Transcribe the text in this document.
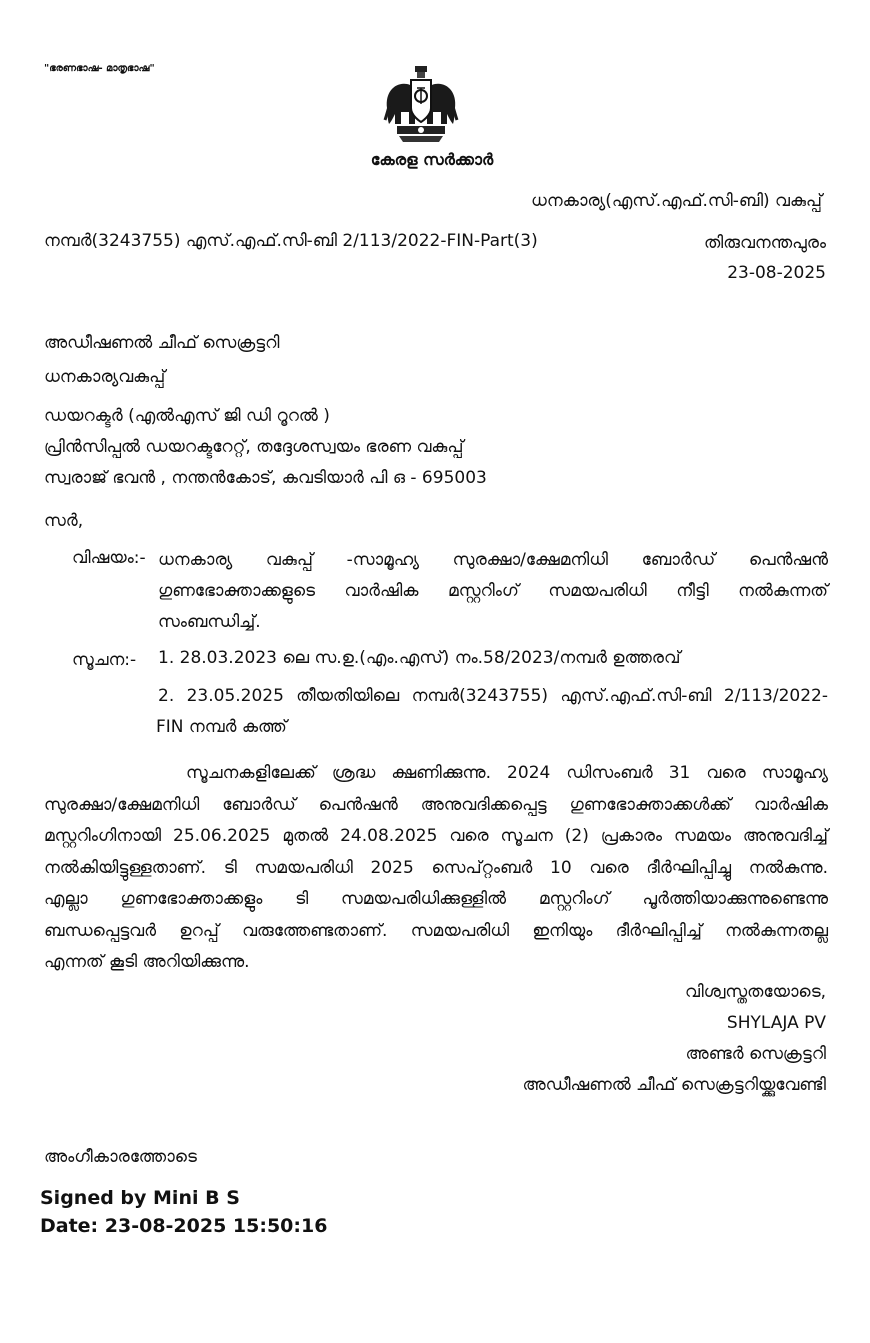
"ഭരണഭാഷ- മാതൃഭാഷ"
കേരള സർക്കാർ
ധനകാര്യ(എസ്.എഫ്.സി-ബി) വകുപ്പ്
നമ്പർ(3243755) എസ്.എഫ്.സി-ബി 2/113/2022-FIN-Part(3)	തിരുവനന്തപുരം
23-08-2025
അഡീഷണൽ ചീഫ് സെക്രട്ടറി
ധനകാര്യവകുപ്പ്
ഡയറക്ടർ (എൽഎസ് ജി ഡി റൂറൽ )
പ്രിൻസിപ്പൽ ഡയറക്ടറേറ്റ്, തദ്ദേശസ്വയം ഭരണ വകുപ്പ്
സ്വരാജ് ഭവൻ , നന്തൻകോട്, കവടിയാർ പി ഒ - 695003
സർ,
വിഷയം:- ധനകാര്യ വകുപ്പ് -സാമൂഹ്യ സുരക്ഷാ/ക്ഷേമനിധി ബോർഡ് പെൻഷൻ
ഗുണഭോക്താക്കളുടെ വാർഷിക മസ്റ്ററിംഗ് സമയപരിധി നീട്ടി നൽകുന്നത്
സംബന്ധിച്ച്.
സൂചന:- 1. 28.03.2023 ലെ സ.ഉ.(എം.എസ്) നം.58/2023/നമ്പർ ഉത്തരവ്
2. 23.05.2025 തീയതിയിലെ നമ്പർ(3243755) എസ്.എഫ്.സി-ബി 2/113/2022-
FIN നമ്പർ കത്ത്
സൂചനകളിലേക്ക് ശ്രദ്ധ ക്ഷണിക്കുന്നു. 2024 ഡിസംബർ 31 വരെ സാമൂഹ്യ
സുരക്ഷാ/ക്ഷേമനിധി ബോർഡ് പെൻഷൻ അനുവദിക്കപ്പെട്ട ഗുണഭോക്താക്കൾക്ക് വാർഷിക
മസ്റ്ററിംഗിനായി 25.06.2025 മുതൽ 24.08.2025 വരെ സൂചന (2) പ്രകാരം സമയം അനുവദിച്ച്
നൽകിയിട്ടുള്ളതാണ്. ടി സമയപരിധി 2025 സെപ്റ്റംബർ 10 വരെ ദീർഘിപ്പിച്ചു നൽകുന്നു.
എല്ലാ ഗുണഭോക്താക്കളും ടി സമയപരിധിക്കുള്ളിൽ മസ്റ്ററിംഗ് പൂർത്തിയാക്കുന്നുണ്ടെന്നു
ബന്ധപ്പെട്ടവർ ഉറപ്പ് വരുത്തേണ്ടതാണ്. സമയപരിധി ഇനിയും ദീർഘിപ്പിച്ച് നൽകുന്നതല്ല
എന്നത് കൂടി അറിയിക്കുന്നു.
വിശ്വസ്തതയോടെ,
SHYLAJA PV
അണ്ടർ സെക്രട്ടറി
അഡീഷണൽ ചീഫ് സെക്രട്ടറിയ്ക്കുവേണ്ടി
അംഗീകാരത്തോടെ
Signed by Mini B S
Date: 23-08-2025 15:50:16
